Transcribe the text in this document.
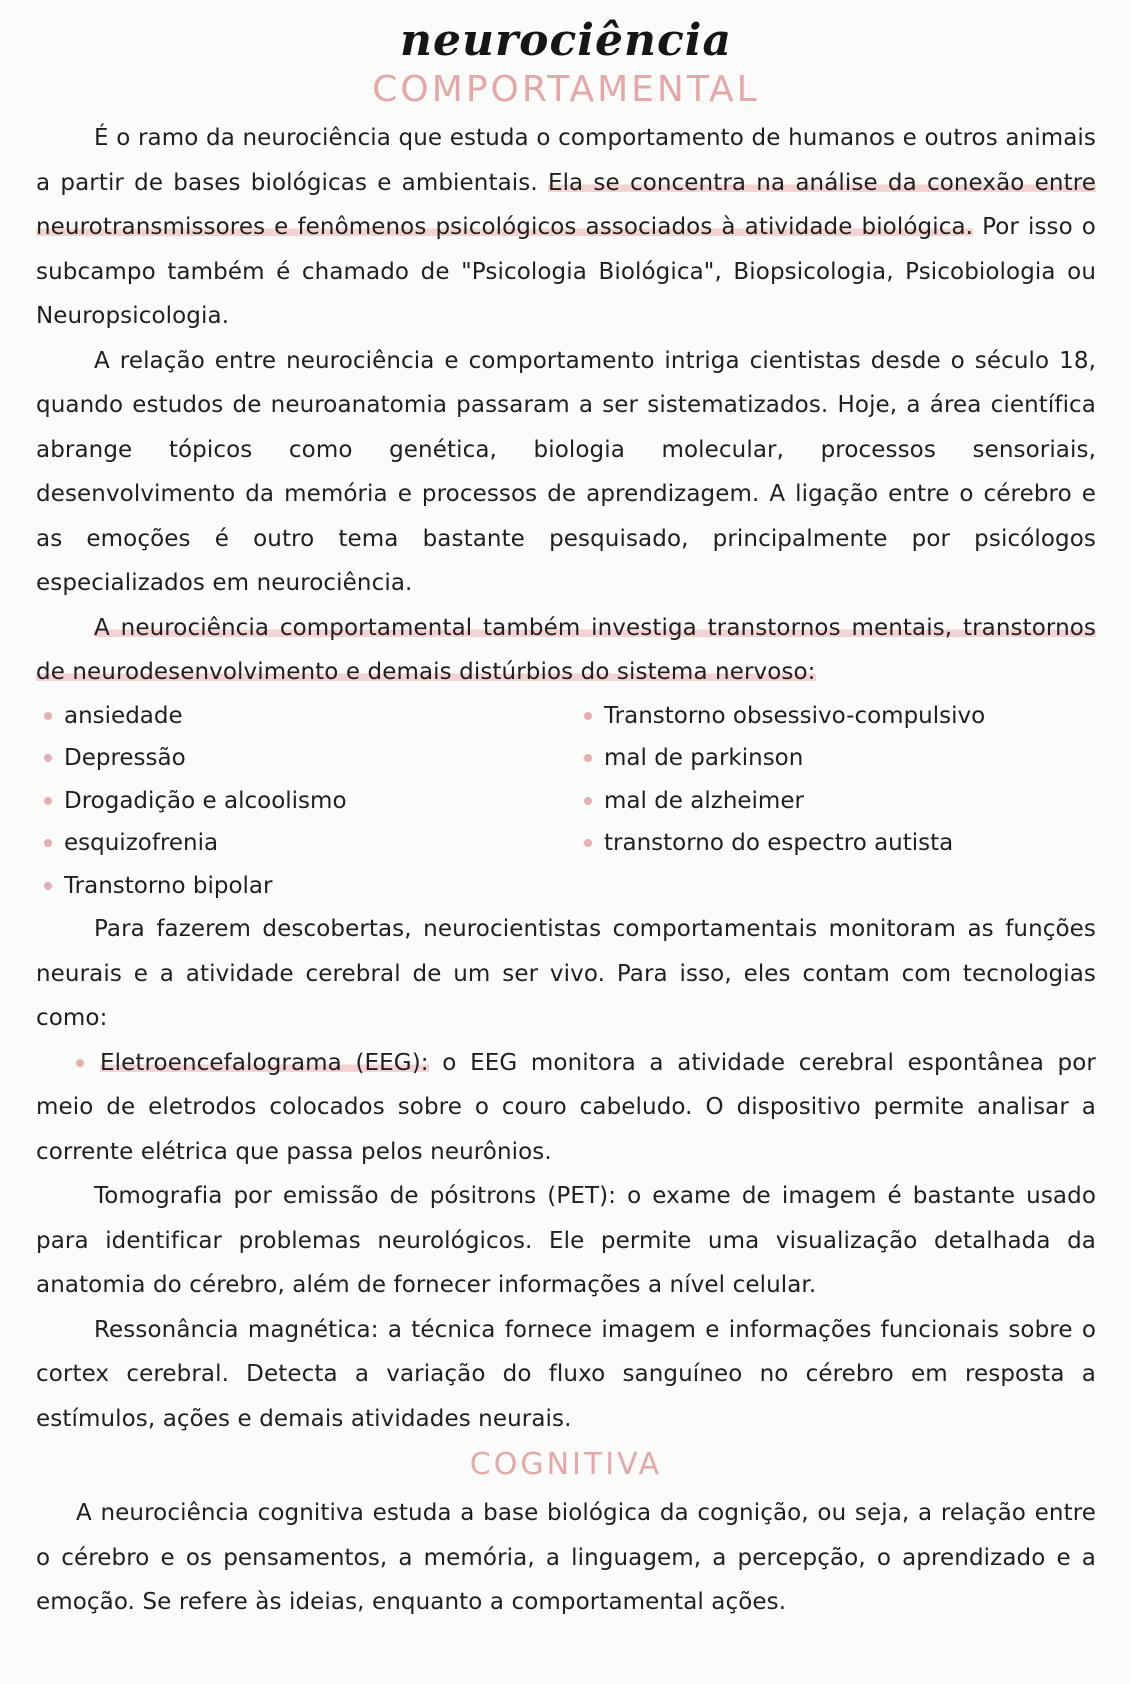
neurociência
COMPORTAMENTAL

É o ramo da neurociência que estuda o comportamento de humanos e outros animais a partir de bases biológicas e ambientais. Ela se concentra na análise da conexão entre neurotransmissores e fenômenos psicológicos associados à atividade biológica. Por isso o subcampo também é chamado de "Psicologia Biológica", Biopsicologia, Psicobiologia ou Neuropsicologia.

A relação entre neurociência e comportamento intriga cientistas desde o século 18, quando estudos de neuroanatomia passaram a ser sistematizados. Hoje, a área científica abrange tópicos como genética, biologia molecular, processos sensoriais, desenvolvimento da memória e processos de aprendizagem. A ligação entre o cérebro e as emoções é outro tema bastante pesquisado, principalmente por psicólogos especializados em neurociência.

A neurociência comportamental também investiga transtornos mentais, transtornos de neurodesenvolvimento e demais distúrbios do sistema nervoso:

ansiedade	Transtorno obsessivo-compulsivo
Depressão	mal de parkinson
Drogadição e alcoolismo	mal de alzheimer
esquizofrenia	transtorno do espectro autista
Transtorno bipolar

Para fazerem descobertas, neurocientistas comportamentais monitoram as funções neurais e a atividade cerebral de um ser vivo. Para isso, eles contam com tecnologias como:

Eletroencefalograma (EEG): o EEG monitora a atividade cerebral espontânea por meio de eletrodos colocados sobre o couro cabeludo. O dispositivo permite analisar a corrente elétrica que passa pelos neurônios.

Tomografia por emissão de pósitrons (PET): o exame de imagem é bastante usado para identificar problemas neurológicos. Ele permite uma visualização detalhada da anatomia do cérebro, além de fornecer informações a nível celular.

Ressonância magnética: a técnica fornece imagem e informações funcionais sobre o cortex cerebral. Detecta a variação do fluxo sanguíneo no cérebro em resposta a estímulos, ações e demais atividades neurais.

COGNITIVA

A neurociência cognitiva estuda a base biológica da cognição, ou seja, a relação entre o cérebro e os pensamentos, a memória, a linguagem, a percepção, o aprendizado e a emoção. Se refere às ideias, enquanto a comportamental ações.
